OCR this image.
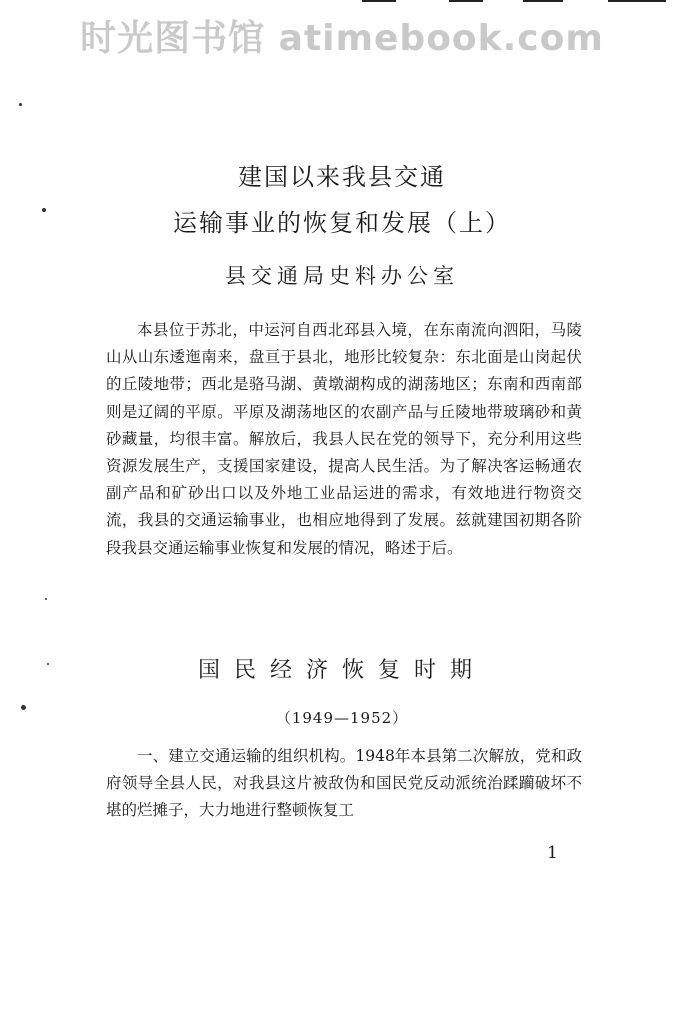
时光图书馆 atimebook.com
建国以来我县交通
运输事业的恢复和发展（上）
县交通局史料办公室
本县位于苏北，中运河自西北邳县入境，在东南流向泗阳，马陵山从山东逶迤南来，盘亘于县北，地形比较复杂：东北面是山岗起伏的丘陵地带；西北是骆马湖、黄墩湖构成的湖荡地区；东南和西南部则是辽阔的平原。平原及湖荡地区的农副产品与丘陵地带玻璃砂和黄砂藏量，均很丰富。解放后，我县人民在党的领导下，充分利用这些资源发展生产，支援国家建设，提高人民生活。为了解决客运畅通农副产品和矿砂出口以及外地工业品运进的需求，有效地进行物资交流，我县的交通运输事业，也相应地得到了发展。兹就建国初期各阶段我县交通运输事业恢复和发展的情况，略述于后。
国民经济恢复时期
（1949—1952）
一、建立交通运输的组织机构。1948年本县第二次解放，党和政府领导全县人民，对我县这片被敌伪和国民党反动派统治蹂躏破坏不堪的烂摊子，大力地进行整顿恢复工
1
